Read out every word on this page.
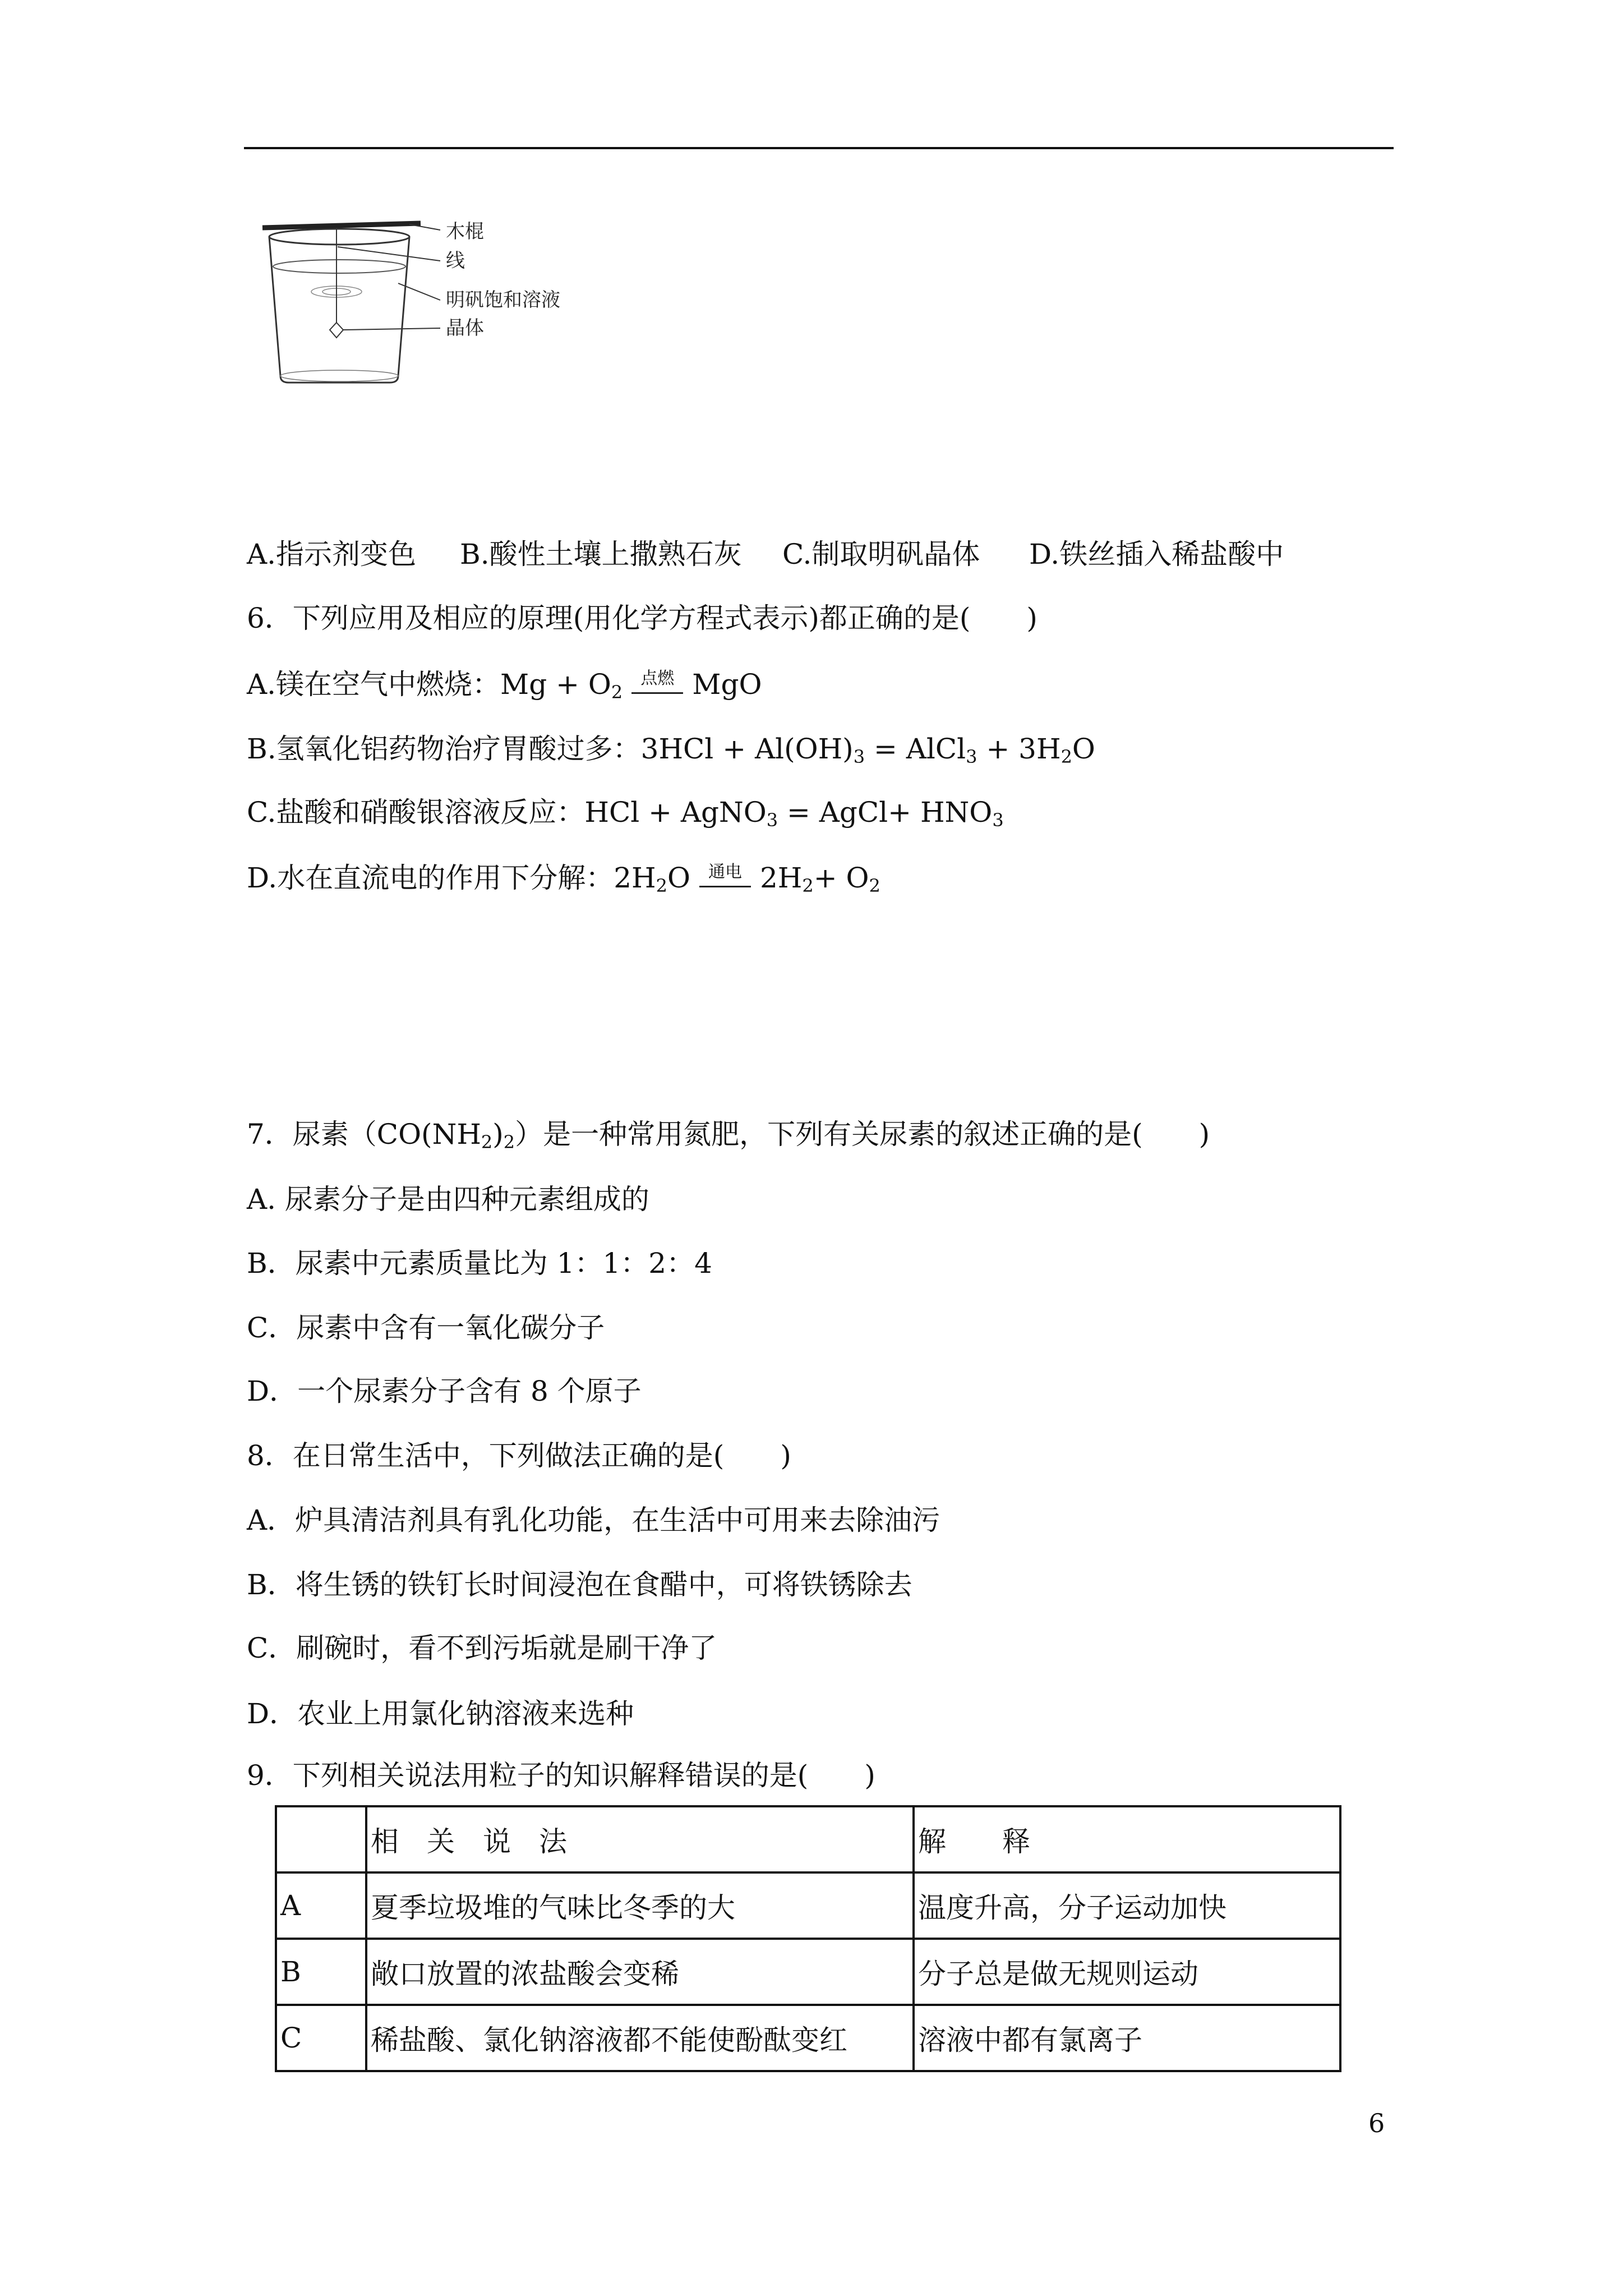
木棍
线
明矾饱和溶液
晶体
A.指示剂变色 B.酸性土壤上撒熟石灰 C.制取明矾晶体 D.铁丝插入稀盐酸中
6．下列应用及相应的原理(用化学方程式表示)都正确的是(　　)
A.镁在空气中燃烧：$Mg + O_2$
点燃 MgO
B.氢氧化铝药物治疗胃酸过多：$3HCl + Al(OH)_3$ = AlCl$_3$ + $3H_2O$
C.盐酸和硝酸银溶液反应：HCl + AgNO$_3$ = AgCl+ $HNO_3$
D.水在直流电的作用下分解：$2H_2O$	通电 $2H_2+ O_2$
7．尿素$(CO(NH_2)_2)$是一种常用氮肥，下列有关尿素的叙述正确的是(　　)
A. 尿素分子是由四种元素组成的
B．尿素中元素质量比为 1：1：2：4
C．尿素中含有一氧化碳分子
D．一个尿素分子含有 8 个原子
8．在日常生活中，下列做法正确的是(　　)
A．炉具清洁剂具有乳化功能，在生活中可用来去除油污
B．将生锈的铁钉长时间浸泡在食醋中，可将铁锈除去
C．刷碗时，看不到污垢就是刷干净了
D．农业上用氯化钠溶液来选种
9．下列相关说法用粒子的知识解释错误的是(　　)
	相　关　说　法	解　　释
A	夏季垃圾堆的气味比冬季的大	温度升高，分子运动加快
B	敞口放置的浓盐酸会变稀	分子总是做无规则运动
C	稀盐酸、氯化钠溶液都不能使酚酞变红	溶液中都有氯离子
6
